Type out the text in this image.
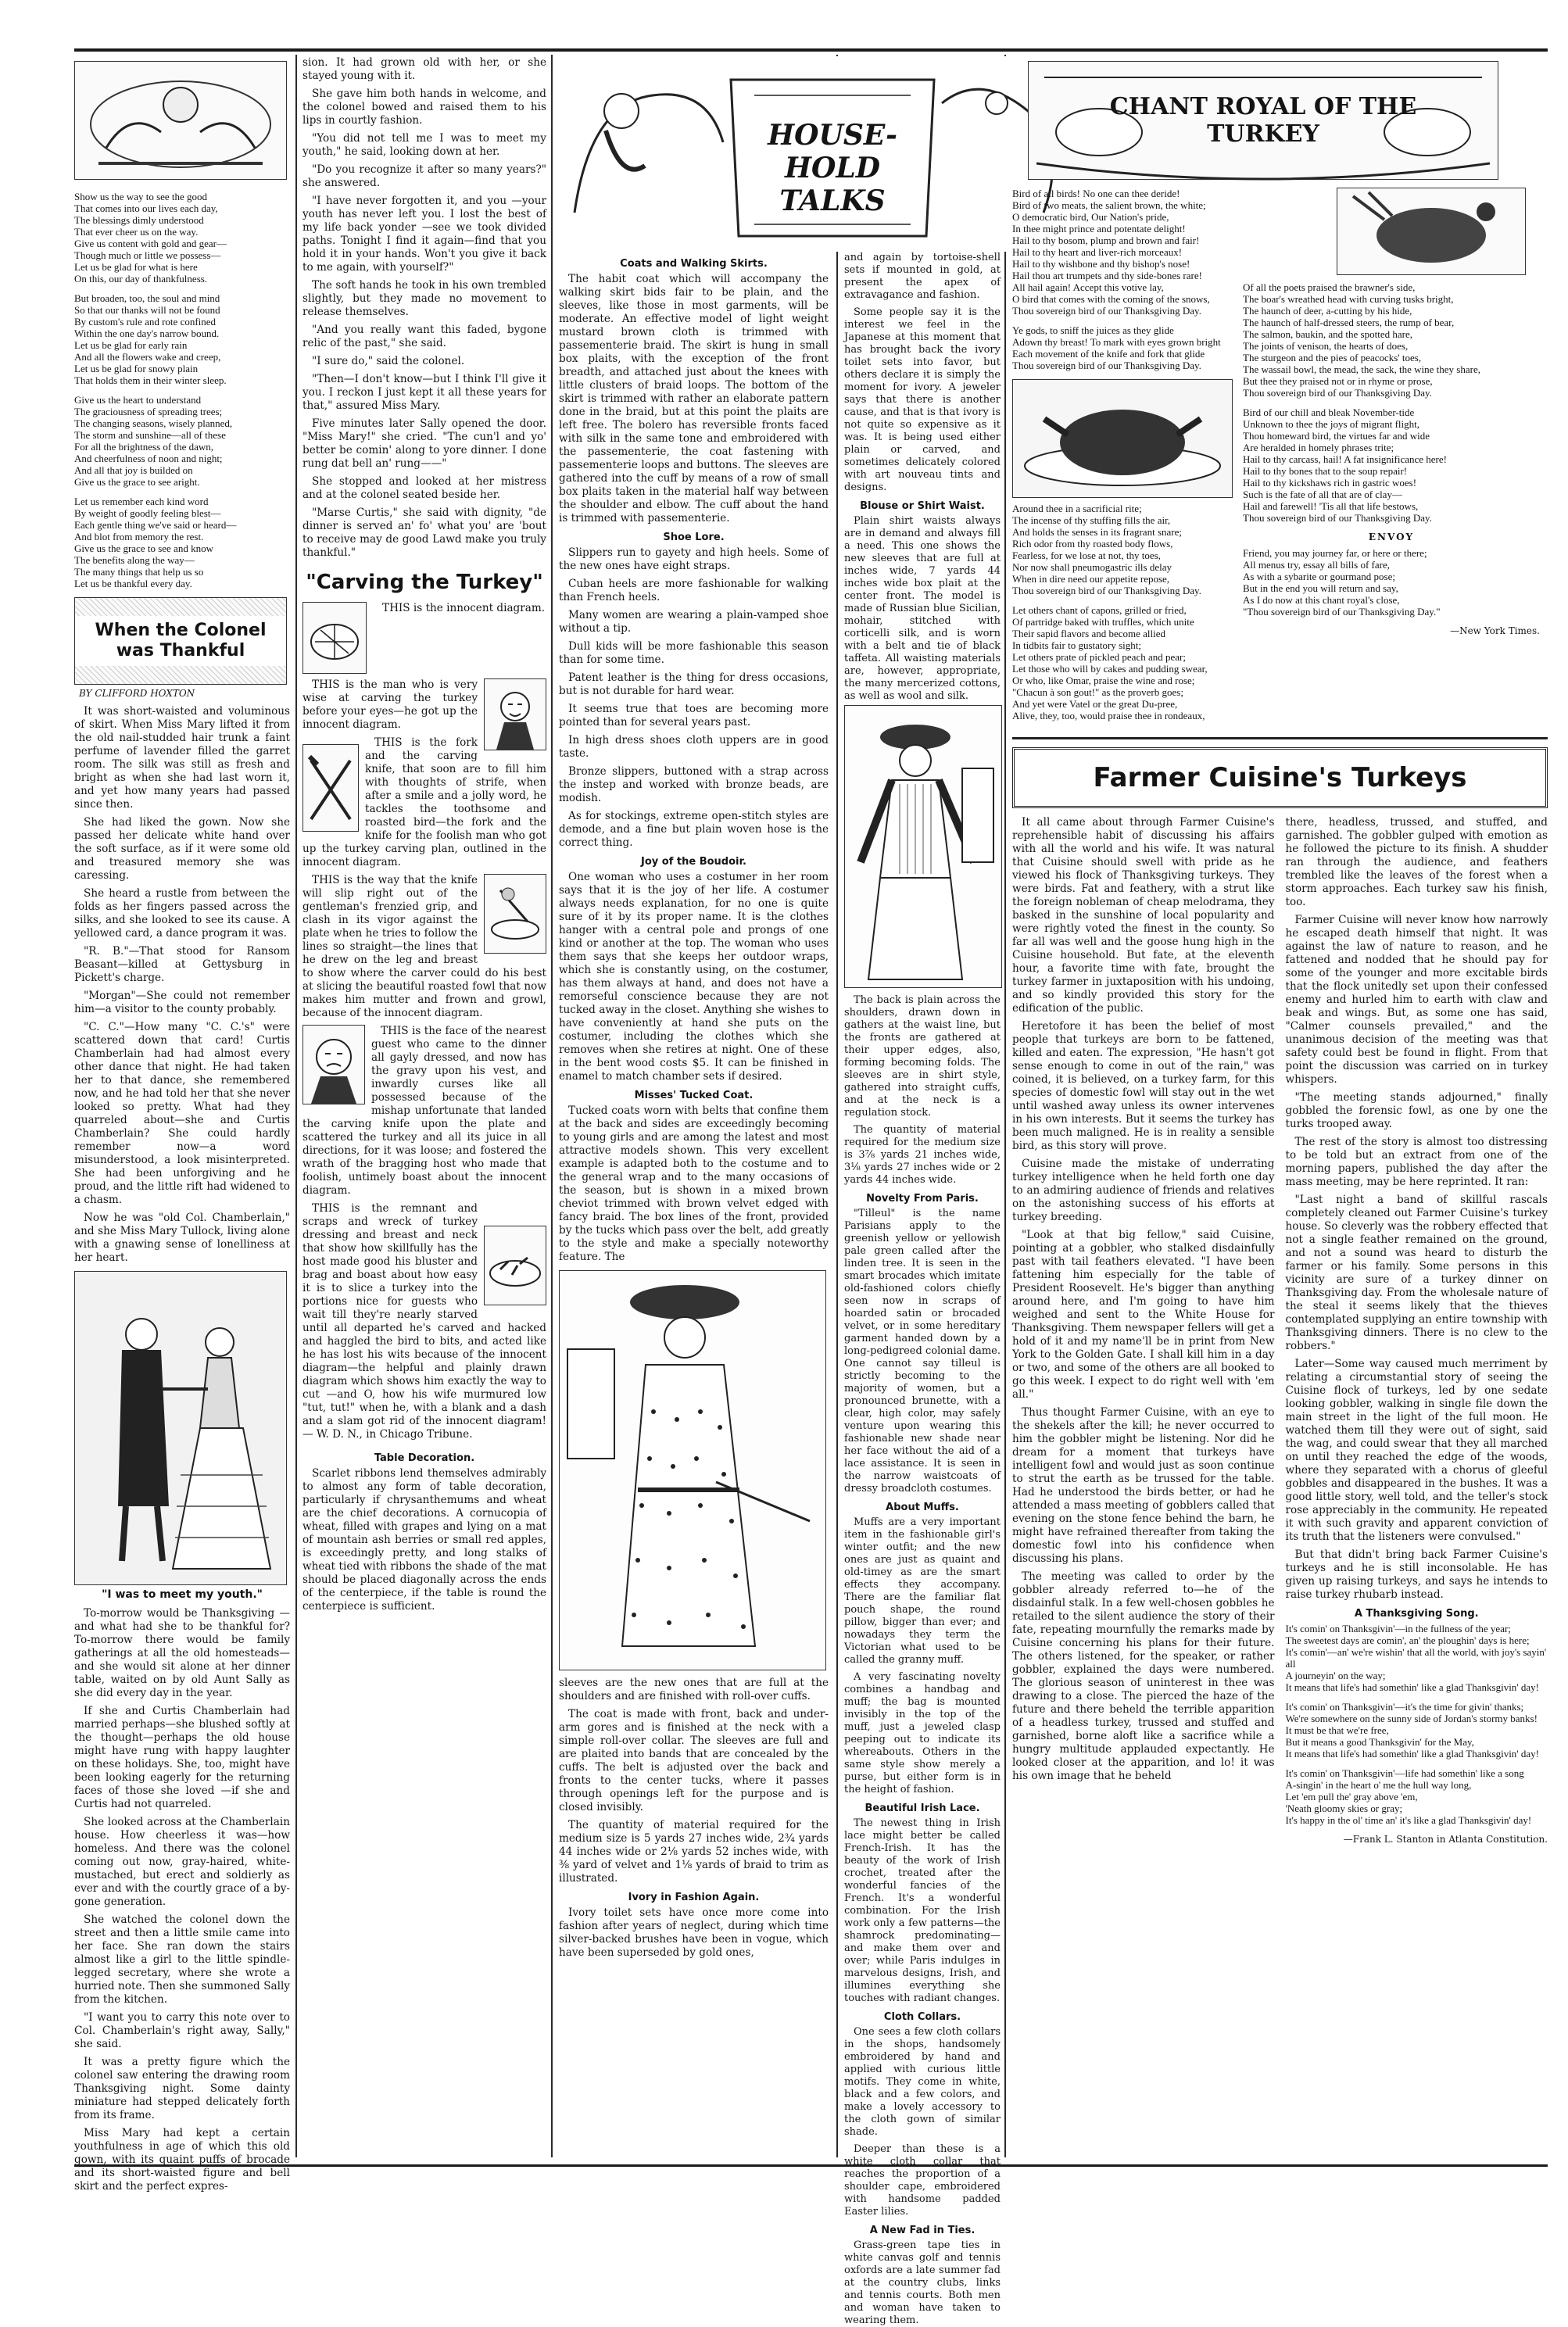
Show us the way to see the good
That comes into our lives each day,
The blessings dimly understood
That ever cheer us on the way.
Give us content with gold and gear—
Though much or little we possess—
Let us be glad for what is here
On this, our day of thankfulness.

But broaden, too, the soul and mind
So that our thanks will not be found
By custom's rule and rote confined
Within the one day's narrow bound.
Let us be glad for early rain
And all the flowers wake and creep,
Let us be glad for snowy plain
That holds them in their winter sleep.

Give us the heart to understand
The graciousness of spreading trees;
The changing seasons, wisely planned,
The storm and sunshine—all of these
For all the brightness of the dawn,
And cheerfulness of noon and night;
And all that joy is builded on
Give us the grace to see aright.

Let us remember each kind word
By weight of goodly feeling blest—
Each gentle thing we've said or heard—
And blot from memory the rest.
Give us the grace to see and know
The benefits along the way—
The many things that help us so
Let us be thankful every day.

When the Colonel was Thankful
BY CLIFFORD HOXTON

It was short-waisted and voluminous of skirt. When Miss Mary lifted it from the old nail-studded hair trunk a faint perfume of lavender filled the garret room. The silk was still as fresh and bright as when she had last worn it, and yet how many years had passed since then.

She had liked the gown. Now she passed her delicate white hand over the soft surface, as if it were some old and treasured memory she was caressing.

She heard a rustle from between the folds as her fingers passed across the silks, and she looked to see its cause. A yellowed card, a dance program it was.

"R. B."—That stood for Ransom Beasant—killed at Gettysburg in Pickett's charge.

"Morgan"—She could not remember him—a visitor to the county probably.

"C. C."—How many "C. C.'s" were scattered down that card! Curtis Chamberlain had had almost every other dance that night. He had taken her to that dance, she remembered now, and he had told her that she never looked so pretty. What had they quarreled about—she and Curtis Chamberlain? She could hardly remember now—a word misunderstood, a look misinterpreted. She had been unforgiving and he proud, and the little rift had widened to a chasm.

Now he was "old Col. Chamberlain," and she Miss Mary Tullock, living alone with a gnawing sense of lonelliness at her heart.

"I was to meet my youth."

To-morrow would be Thanksgiving —and what had she to be thankful for? To-morrow there would be family gatherings at all the old homesteads—and she would sit alone at her dinner table, waited on by old Aunt Sally as she did every day in the year.

If she and Curtis Chamberlain had married perhaps—she blushed softly at the thought—perhaps the old house might have rung with happy laughter on these holidays. She, too, might have been looking eagerly for the returning faces of those she loved —if she and Curtis had not quarreled.

She looked across at the Chamberlain house. How cheerless it was—how homeless. And there was the colonel coming out now, gray-haired, white-mustached, but erect and soldierly as ever and with the courtly grace of a by-gone generation.

She watched the colonel down the street and then a little smile came into her face. She ran down the stairs almost like a girl to the little spindle-legged secretary, where she wrote a hurried note. Then she summoned Sally from the kitchen.

"I want you to carry this note over to Col. Chamberlain's right away, Sally," she said.

It was a pretty figure which the colonel saw entering the drawing room Thanksgiving night. Some dainty miniature had stepped delicately forth from its frame.

Miss Mary had kept a certain youthfulness in age of which this old gown, with its quaint puffs of brocade and its short-waisted figure and bell skirt and the perfect expres-

sion. It had grown old with her, or she stayed young with it.

She gave him both hands in welcome, and the colonel bowed and raised them to his lips in courtly fashion.

"You did not tell me I was to meet my youth," he said, looking down at her.

"Do you recognize it after so many years?" she answered.

"I have never forgotten it, and you —your youth has never left you. I lost the best of my life back yonder —see we took divided paths. Tonight I find it again—find that you hold it in your hands. Won't you give it back to me again, with yourself?"

The soft hands he took in his own trembled slightly, but they made no movement to release themselves.

"And you really want this faded, bygone relic of the past," she said.

"I sure do," said the colonel.

"Then—I don't know—but I think I'll give it you. I reckon I just kept it all these years for that," assured Miss Mary.

Five minutes later Sally opened the door. "Miss Mary!" she cried. "The cun'l and yo' better be comin' along to yore dinner. I done rung dat bell an' rung——"

She stopped and looked at her mistress and at the colonel seated beside her.

"Marse Curtis," she said with dignity, "de dinner is served an' fo' what you' are 'bout to receive may de good Lawd make you truly thankful."

"Carving the Turkey"

THIS is the innocent diagram.

THIS is the man who is very wise at carving the turkey before your eyes—he got up the innocent diagram.

THIS is the fork and the carving knife, that soon are to fill him with thoughts of strife, when after a smile and a jolly word, he tackles the toothsome and roasted bird—the fork and the knife for the foolish man who got up the turkey carving plan, outlined in the innocent diagram.

THIS is the way that the knife will slip right out of the gentleman's frenzied grip, and clash in its vigor against the plate when he tries to follow the lines so straight—the lines that he drew on the leg and breast to show where the carver could do his best at slicing the beautiful roasted fowl that now makes him mutter and frown and growl, because of the innocent diagram.

THIS is the face of the nearest guest who came to the dinner all gayly dressed, and now has the gravy upon his vest, and inwardly curses like all possessed because of the mishap unfortunate that landed the carving knife upon the plate and scattered the turkey and all its juice in all directions, for it was loose; and fostered the wrath of the bragging host who made that foolish, untimely boast about the innocent diagram.

THIS is the remnant and scraps and wreck of turkey dressing and breast and neck that show how skillfully has the host made good his bluster and brag and boast about how easy it is to slice a turkey into the portions nice for guests who wait till they're nearly starved until all departed he's carved and hacked and haggled the bird to bits, and acted like he has lost his wits because of the innocent diagram—the helpful and plainly drawn diagram which shows him exactly the way to cut —and O, how his wife murmured low "tut, tut!" when he, with a blank and a dash and a slam got rid of the innocent diagram!— W. D. N., in Chicago Tribune.

Table Decoration.

Scarlet ribbons lend themselves admirably to almost any form of table decoration, particularly if chrysanthemums and wheat are the chief decorations. A cornucopia of wheat, filled with grapes and lying on a mat of mountain ash berries or small red apples, is exceedingly pretty, and long stalks of wheat tied with ribbons the shade of the mat should be placed diagonally across the ends of the centerpiece, if the table is round the centerpiece is sufficient.

HOUSE-HOLD TALKS
Coats and Walking Skirts.

The habit coat which will accompany the walking skirt bids fair to be plain, and the sleeves, like those in most garments, will be moderate. An effective model of light weight mustard brown cloth is trimmed with passementerie braid. The skirt is hung in small box plaits, with the exception of the front breadth, and attached just about the knees with little clusters of braid loops. The bottom of the skirt is trimmed with rather an elaborate pattern done in the braid, but at this point the plaits are left free. The bolero has reversible fronts faced with silk in the same tone and embroidered with the passementerie, the coat fastening with passementerie loops and buttons. The sleeves are gathered into the cuff by means of a row of small box plaits taken in the material half way between the shoulder and elbow. The cuff about the hand is trimmed with passementerie.

Shoe Lore.

Slippers run to gayety and high heels. Some of the new ones have eight straps.

Cuban heels are more fashionable for walking than French heels.

Many women are wearing a plain-vamped shoe without a tip.

Dull kids will be more fashionable this season than for some time.

Patent leather is the thing for dress occasions, but is not durable for hard wear.

It seems true that toes are becoming more pointed than for several years past.

In high dress shoes cloth uppers are in good taste.

Bronze slippers, buttoned with a strap across the instep and worked with bronze beads, are modish.

As for stockings, extreme open-stitch styles are demode, and a fine but plain woven hose is the correct thing.

Joy of the Boudoir.

One woman who uses a costumer in her room says that it is the joy of her life. A costumer always needs explanation, for no one is quite sure of it by its proper name. It is the clothes hanger with a central pole and prongs of one kind or another at the top. The woman who uses them says that she keeps her outdoor wraps, which she is constantly using, on the costumer, has them always at hand, and does not have a remorseful conscience because they are not tucked away in the closet. Anything she wishes to have conveniently at hand she puts on the costumer, including the clothes which she removes when she retires at night. One of these in the bent wood costs $5. It can be finished in enamel to match chamber sets if desired.

Misses' Tucked Coat.

Tucked coats worn with belts that confine them at the back and sides are exceedingly becoming to young girls and are among the latest and most attractive models shown. This very excellent example is adapted both to the costume and to the general wrap and to the many occasions of the season, but is shown in a mixed brown cheviot trimmed with brown velvet edged with fancy braid. The box lines of the front, provided by the tucks which pass over the belt, add greatly to the style and make a specially noteworthy feature. The

sleeves are the new ones that are full at the shoulders and are finished with roll-over cuffs.

The coat is made with front, back and under-arm gores and is finished at the neck with a simple roll-over collar. The sleeves are full and are plaited into bands that are concealed by the cuffs. The belt is adjusted over the back and fronts to the center tucks, where it passes through openings left for the purpose and is closed invisibly.

The quantity of material required for the medium size is 5 yards 27 inches wide, 2¾ yards 44 inches wide or 2⅛ yards 52 inches wide, with ⅜ yard of velvet and 1⅛ yards of braid to trim as illustrated.

Ivory in Fashion Again.

Ivory toilet sets have once more come into fashion after years of neglect, during which time silver-backed brushes have been in vogue, which have been superseded by gold ones,

and again by tortoise-shell sets if mounted in gold, at present the apex of extravagance and fashion.

Some people say it is the interest we feel in the Japanese at this moment that has brought back the ivory toilet sets into favor, but others declare it is simply the moment for ivory. A jeweler says that there is another cause, and that is that ivory is not quite so expensive as it was. It is being used either plain or carved, and sometimes delicately colored with art nouveau tints and designs.

Blouse or Shirt Waist.

Plain shirt waists always are in demand and always fill a need. This one shows the new sleeves that are full at inches wide, 7 yards 44 inches wide box plait at the center front. The model is made of Russian blue Sicilian, mohair, stitched with corticelli silk, and is worn with a belt and tie of black taffeta. All waisting materials are, however, appropriate, the many mercerized cottons, as well as wool and silk.

The back is plain across the shoulders, drawn down in gathers at the waist line, but the fronts are gathered at their upper edges, also, forming becoming folds. The sleeves are in shirt style, gathered into straight cuffs, and at the neck is a regulation stock.

The quantity of material required for the medium size is 3⅞ yards 21 inches wide, 3⅛ yards 27 inches wide or 2 yards 44 inches wide.

Novelty From Paris.

"Tilleul" is the name Parisians apply to the greenish yellow or yellowish pale green called after the linden tree. It is seen in the smart brocades which imitate old-fashioned colors chiefly seen now in scraps of hoarded satin or brocaded velvet, or in some hereditary garment handed down by a long-pedigreed colonial dame. One cannot say tilleul is strictly becoming to the majority of women, but a pronounced brunette, with a clear, high color, may safely venture upon wearing this fashionable new shade near her face without the aid of a lace assistance. It is seen in the narrow waistcoats of dressy broadcloth costumes.

About Muffs.

Muffs are a very important item in the fashionable girl's winter outfit; and the new ones are just as quaint and old-timey as are the smart effects they accompany. There are the familiar flat pouch shape, the round pillow, bigger than ever; and nowadays they term the Victorian what used to be called the granny muff.

A very fascinating novelty combines a handbag and muff; the bag is mounted invisibly in the top of the muff, just a jeweled clasp peeping out to indicate its whereabouts. Others in the same style show merely a purse, but either form is in the height of fashion.

Beautiful Irish Lace.

The newest thing in Irish lace might better be called French-Irish. It has the beauty of the work of Irish crochet, treated after the wonderful fancies of the French. It's a wonderful combination. For the Irish work only a few patterns—the shamrock predominating—and make them over and over; while Paris indulges in marvelous designs, Irish, and illumines everything she touches with radiant changes.

Cloth Collars.

One sees a few cloth collars in the shops, handsomely embroidered by hand and applied with curious little motifs. They come in white, black and a few colors, and make a lovely accessory to the cloth gown of similar shade.

Deeper than these is a white cloth collar that reaches the proportion of a shoulder cape, embroidered with handsome padded Easter lilies.

A New Fad in Ties.

Grass-green tape ties in white canvas golf and tennis oxfords are a late summer fad at the country clubs, links and tennis courts. Both men and woman have taken to wearing them.

CHANT ROYAL OF THE TURKEY

Bird of all birds! No one can thee deride!
Bird of two meats, the salient brown, the white;
O democratic bird, Our Nation's pride,
In thee might prince and potentate delight!
Hail to thy bosom, plump and brown and fair!
Hail to thy heart and liver-rich morceaux!
Hail to thy wishbone and thy bishop's nose!
Hail thou art trumpets and thy side-bones rare!
All hail again! Accept this votive lay,
O bird that comes with the coming of the snows,
Thou sovereign bird of our Thanksgiving Day.

Ye gods, to sniff the juices as they glide
Adown thy breast! To mark with eyes grown bright
Each movement of the knife and fork that glide
Thou sovereign bird of our Thanksgiving Day.

Around thee in a sacrificial rite;
The incense of thy stuffing fills the air,
And holds the senses in its fragrant snare;
Rich odor from thy roasted body flows,
Fearless, for we lose at not, thy toes,
Nor now shall pneumogastric ills delay
When in dire need our appetite repose,
Thou sovereign bird of our Thanksgiving Day.

Let others chant of capons, grilled or fried,
Of partridge baked with truffles, which unite
Their sapid flavors and become allied
In tidbits fair to gustatory sight;
Let others prate of pickled peach and pear;
Let those who will by cakes and pudding swear,
Or who, like Omar, praise the wine and rose;
"Chacun à son gout!" as the proverb goes;
And yet were Vatel or the great Du-pree,
Alive, they, too, would praise thee in rondeaux,

Of all the poets praised the brawner's side,
The boar's wreathed head with curving tusks bright,
The haunch of deer, a-cutting by his hide,
The haunch of half-dressed steers, the rump of bear,
The salmon, baukin, and the spotted hare,
The joints of venison, the hearts of does,
The sturgeon and the pies of peacocks' toes,
The wassail bowl, the mead, the sack, the wine they share,
But thee they praised not or in rhyme or prose,
Thou sovereign bird of our Thanksgiving Day.

Bird of our chill and bleak November-tide
Unknown to thee the joys of migrant flight,
Thou homeward bird, the virtues far and wide
Are heralded in homely phrases trite;
Hail to thy carcass, hail! A fat insignificance here!
Hail to thy bones that to the soup repair!
Hail to thy kickshaws rich in gastric woes!
Such is the fate of all that are of clay—
Hail and farewell! 'Tis all that life bestows,
Thou sovereign bird of our Thanksgiving Day.

ENVOY

Friend, you may journey far, or here or there;
All menus try, essay all bills of fare,
As with a sybarite or gourmand pose;
But in the end you will return and say,
As I do now at this chant royal's close,
"Thou sovereign bird of our Thanksgiving Day."

—New York Times.
Farmer Cuisine's Turkeys

It all came about through Farmer Cuisine's reprehensible habit of discussing his affairs with all the world and his wife. It was natural that Cuisine should swell with pride as he viewed his flock of Thanksgiving turkeys. They were birds. Fat and feathery, with a strut like the foreign nobleman of cheap melodrama, they basked in the sunshine of local popularity and were rightly voted the finest in the county. So far all was well and the goose hung high in the Cuisine household. But fate, at the eleventh hour, a favorite time with fate, brought the turkey farmer in juxtaposition with his undoing, and so kindly provided this story for the edification of the public.

Heretofore it has been the belief of most people that turkeys are born to be fattened, killed and eaten. The expression, "He hasn't got sense enough to come in out of the rain," was coined, it is believed, on a turkey farm, for this species of domestic fowl will stay out in the wet until washed away unless its owner intervenes in his own interests. But it seems the turkey has been much maligned. He is in reality a sensible bird, as this story will prove.

Cuisine made the mistake of underrating turkey intelligence when he held forth one day to an admiring audience of friends and relatives on the astonishing success of his efforts at turkey breeding.

"Look at that big fellow," said Cuisine, pointing at a gobbler, who stalked disdainfully past with tail feathers elevated. "I have been fattening him especially for the table of President Roosevelt. He's bigger than anything around here, and I'm going to have him weighed and sent to the White House for Thanksgiving. Them newspaper fellers will get a hold of it and my name'll be in print from New York to the Golden Gate. I shall kill him in a day or two, and some of the others are all booked to go this week. I expect to do right well with 'em all."

Thus thought Farmer Cuisine, with an eye to the shekels after the kill; he never occurred to him the gobbler might be listening. Nor did he dream for a moment that turkeys have intelligent fowl and would just as soon continue to strut the earth as be trussed for the table. Had he understood the birds better, or had he attended a mass meeting of gobblers called that evening on the stone fence behind the barn, he might have refrained thereafter from taking the domestic fowl into his confidence when discussing his plans.

The meeting was called to order by the gobbler already referred to—he of the disdainful stalk. In a few well-chosen gobbles he retailed to the silent audience the story of their fate, repeating mournfully the remarks made by Cuisine concerning his plans for their future. The others listened, for the speaker, or rather gobbler, explained the days were numbered. The glorious season of uninterest in thee was drawing to a close. The pierced the haze of the future and there beheld the terrible apparition of a headless turkey, trussed and stuffed and garnished, borne aloft like a sacrifice while a hungry multitude applauded expectantly. He looked closer at the apparition, and lo! it was his own image that he beheld

there, headless, trussed, and stuffed, and garnished. The gobbler gulped with emotion as he followed the picture to its finish. A shudder ran through the audience, and feathers trembled like the leaves of the forest when a storm approaches. Each turkey saw his finish, too.

Farmer Cuisine will never know how narrowly he escaped death himself that night. It was against the law of nature to reason, and he fattened and nodded that he should pay for some of the younger and more excitable birds that the flock unitedly set upon their confessed enemy and hurled him to earth with claw and beak and wings. But, as some one has said, "Calmer counsels prevailed," and the unanimous decision of the meeting was that safety could best be found in flight. From that point the discussion was carried on in turkey whispers.

"The meeting stands adjourned," finally gobbled the forensic fowl, as one by one the turks trooped away.

The rest of the story is almost too distressing to be told but an extract from one of the morning papers, published the day after the mass meeting, may be here reprinted. It ran:

"Last night a band of skillful rascals completely cleaned out Farmer Cuisine's turkey house. So cleverly was the robbery effected that not a single feather remained on the ground, and not a sound was heard to disturb the farmer or his family. Some persons in this vicinity are sure of a turkey dinner on Thanksgiving day. From the wholesale nature of the steal it seems likely that the thieves contemplated supplying an entire township with Thanksgiving dinners. There is no clew to the robbers."

Later—Some way caused much merriment by relating a circumstantial story of seeing the Cuisine flock of turkeys, led by one sedate looking gobbler, walking in single file down the main street in the light of the full moon. He watched them till they were out of sight, said the wag, and could swear that they all marched on until they reached the edge of the woods, where they separated with a chorus of gleeful gobbles and disappeared in the bushes. It was a good little story, well told, and the teller's stock rose appreciably in the community. He repeated it with such gravity and apparent conviction of its truth that the listeners were convulsed."

But that didn't bring back Farmer Cuisine's turkeys and he is still inconsolable. He has given up raising turkeys, and says he intends to raise turkey rhubarb instead.

A Thanksgiving Song.

It's comin' on Thanksgivin'—in the fullness of the year;
The sweetest days are comin', an' the ploughin' days is here;
It's comin'—an' we're wishin' that all the world, with joy's sayin' all
A journeyin' on the way;
It means that life's had somethin' like a glad Thanksgivin' day!

It's comin' on Thanksgivin'—it's the time for givin' thanks;
We're somewhere on the sunny side of Jordan's stormy banks!
It must be that we're free,
But it means a good Thanksgivin' for the May,
It means that life's had somethin' like a glad Thanksgivin' day!

It's comin' on Thanksgivin'—life had somethin' like a song
A-singin' in the heart o' me the hull way long,
Let 'em pull the' gray above 'em,
'Neath gloomy skies or gray;
It's happy in the ol' time an' it's like a glad Thanksgivin' day!

—Frank L. Stanton in Atlanta Constitution.
